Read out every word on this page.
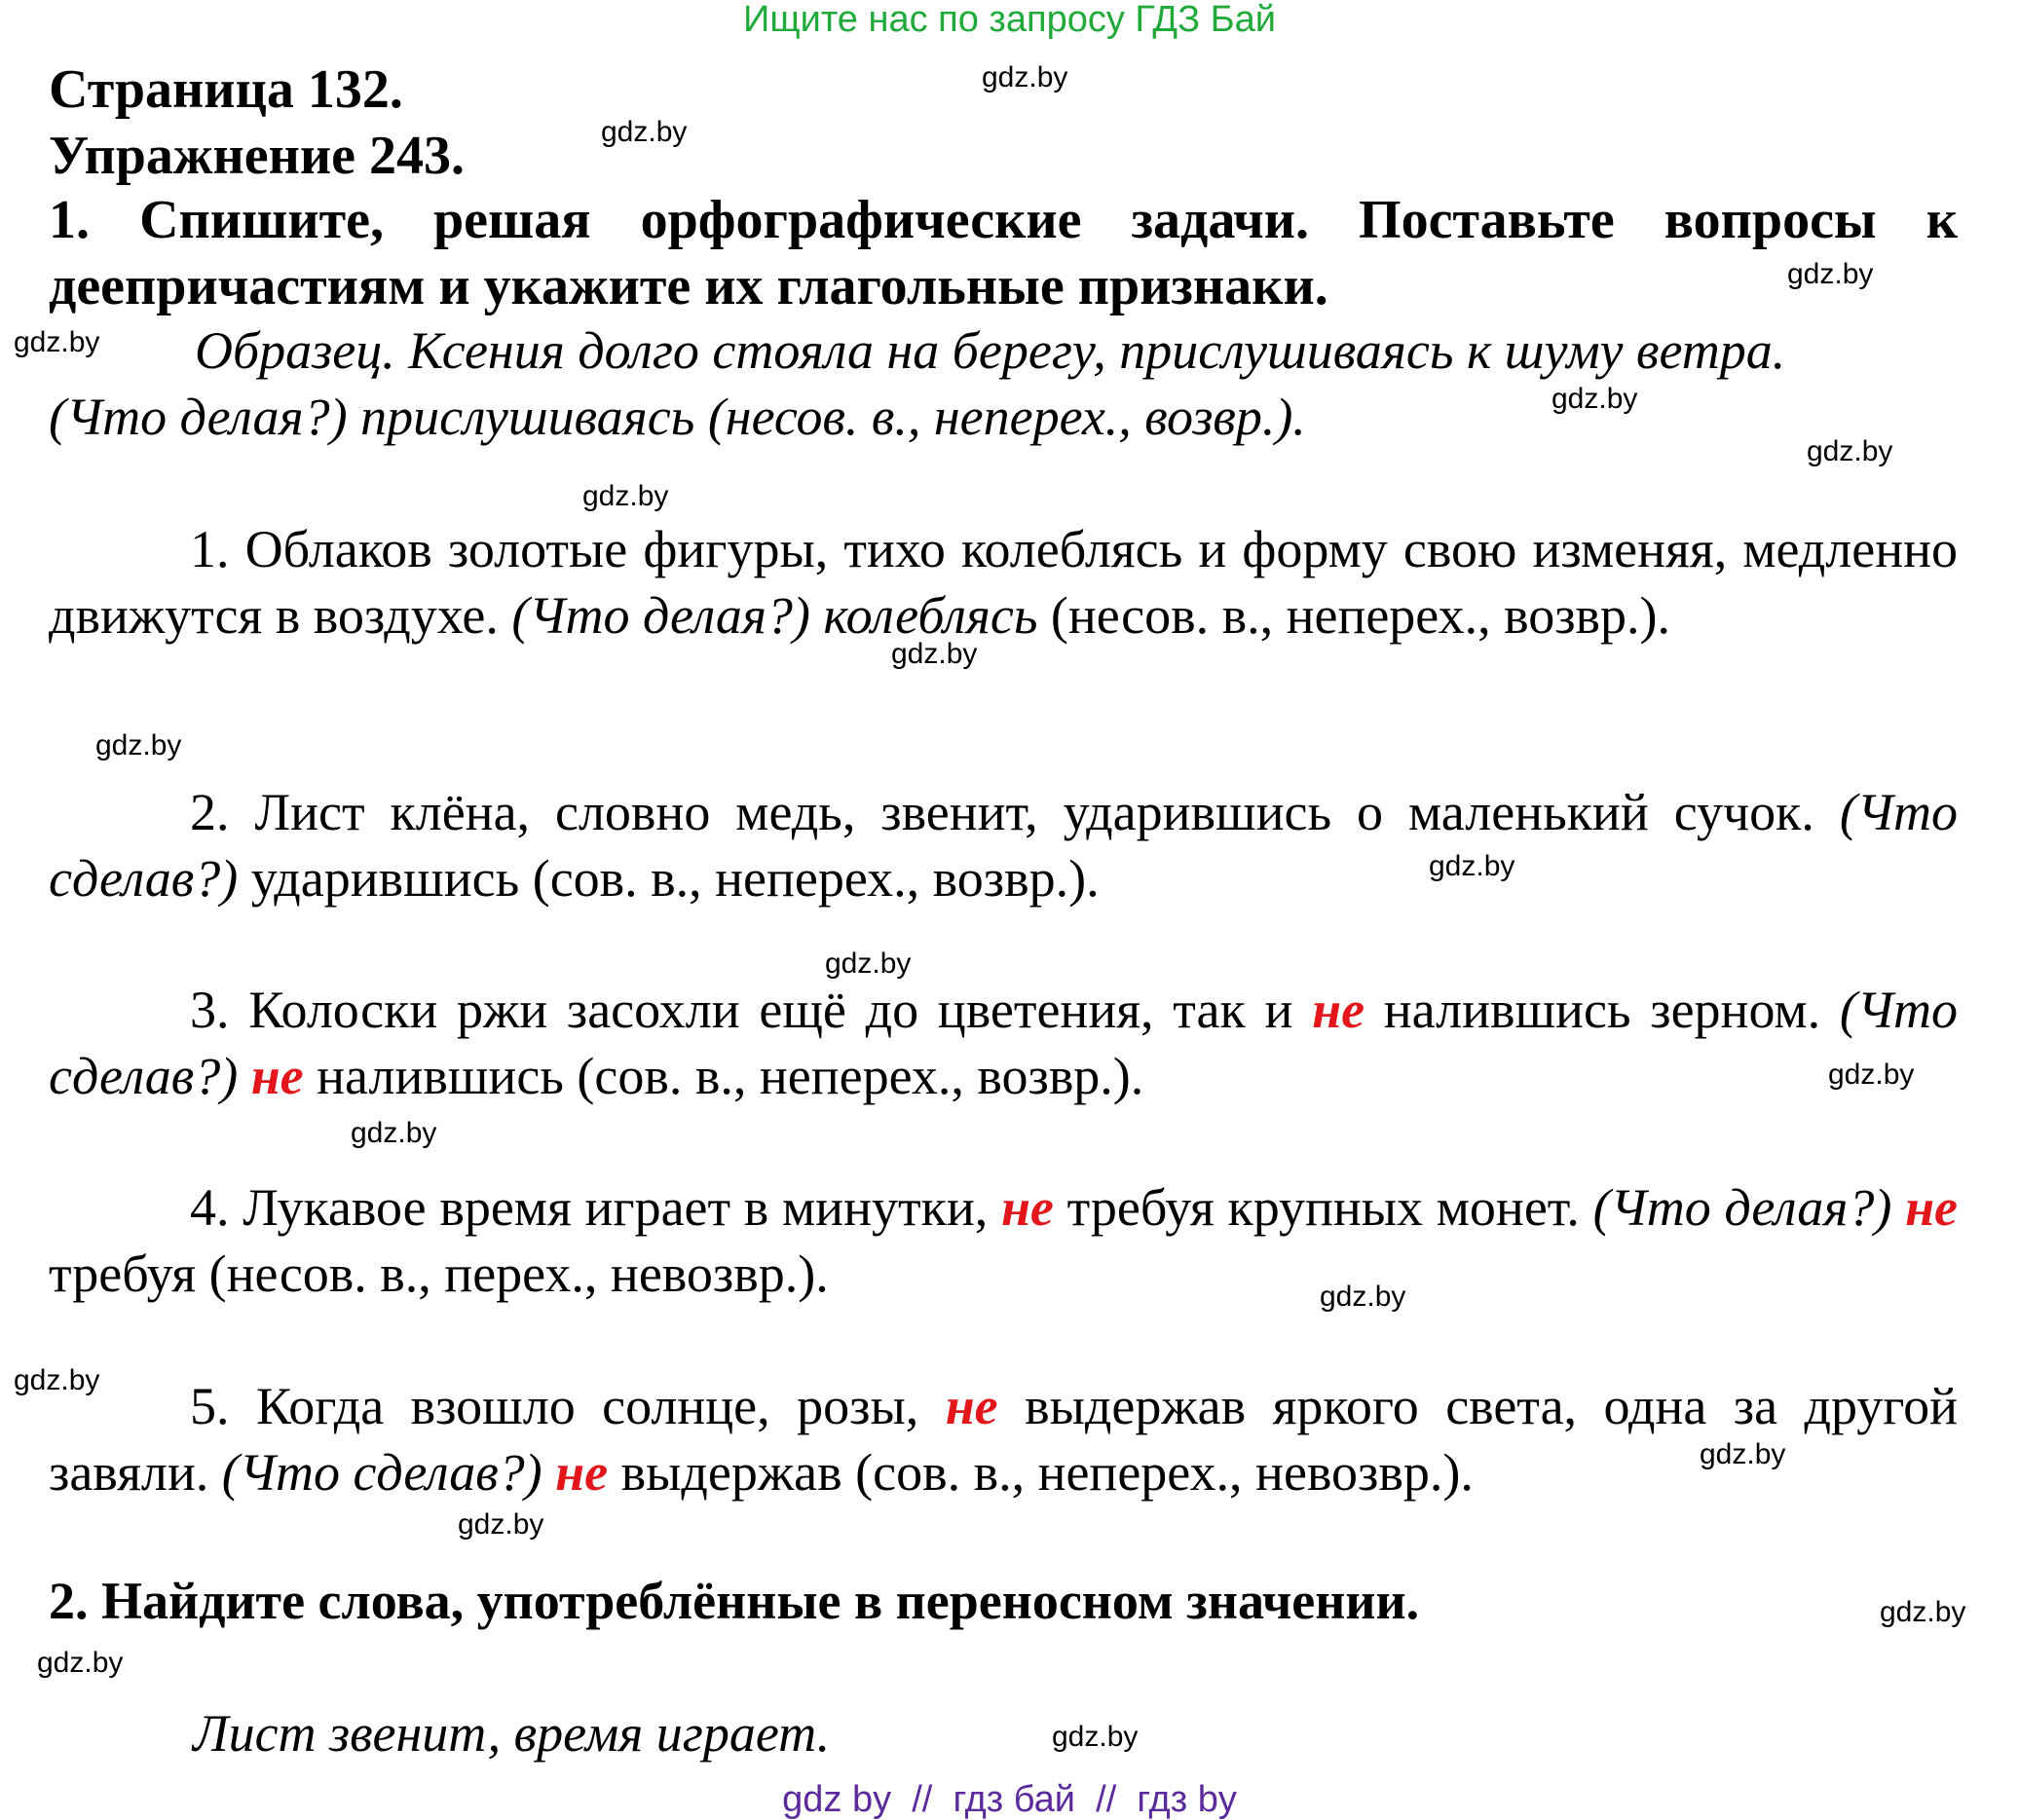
Ищите нас по запросу ГДЗ Бай
Страница 132.
Упражнение 243.
1. Спишите, решая орфографические задачи. Поставьте вопросы к деепричастиям и укажите их глагольные признаки.
Образец. Ксения долго стояла на берегу, прислушиваясь к шуму ветра.
(Что делая?) прислушиваясь (несов. в., неперех., возвр.).
1. Облаков золотые фигуры, тихо колеблясь и форму свою изменяя, медленно движутся в воздухе. (Что делая?) колеблясь (несов. в., неперех., возвр.).
2. Лист клёна, словно медь, звенит, ударившись о маленький сучок. (Что сделав?) ударившись (сов. в., неперех., возвр.).
3. Колоски ржи засохли ещё до цветения, так и не налившись зерном. (Что сделав?) не налившись (сов. в., неперех., возвр.).
4. Лукавое время играет в минутки, не требуя крупных монет. (Что делая?) не требуя (несов. в., перех., невозвр.).
5. Когда взошло солнце, розы, не выдержав яркого света, одна за другой завяли. (Что сделав?) не выдержав (сов. в., неперех., невозвр.).
2. Найдите слова, употреблённые в переносном значении.
Лист звенит, время играет.
gdz.by
gdz.by
gdz.by
gdz.by
gdz.by
gdz.by
gdz.by
gdz.by
gdz.by
gdz.by
gdz.by
gdz.by
gdz.by
gdz.by
gdz.by
gdz.by
gdz.by
gdz.by
gdz.by
gdz.by
gdz by  //  гдз бай  //  гдз by
